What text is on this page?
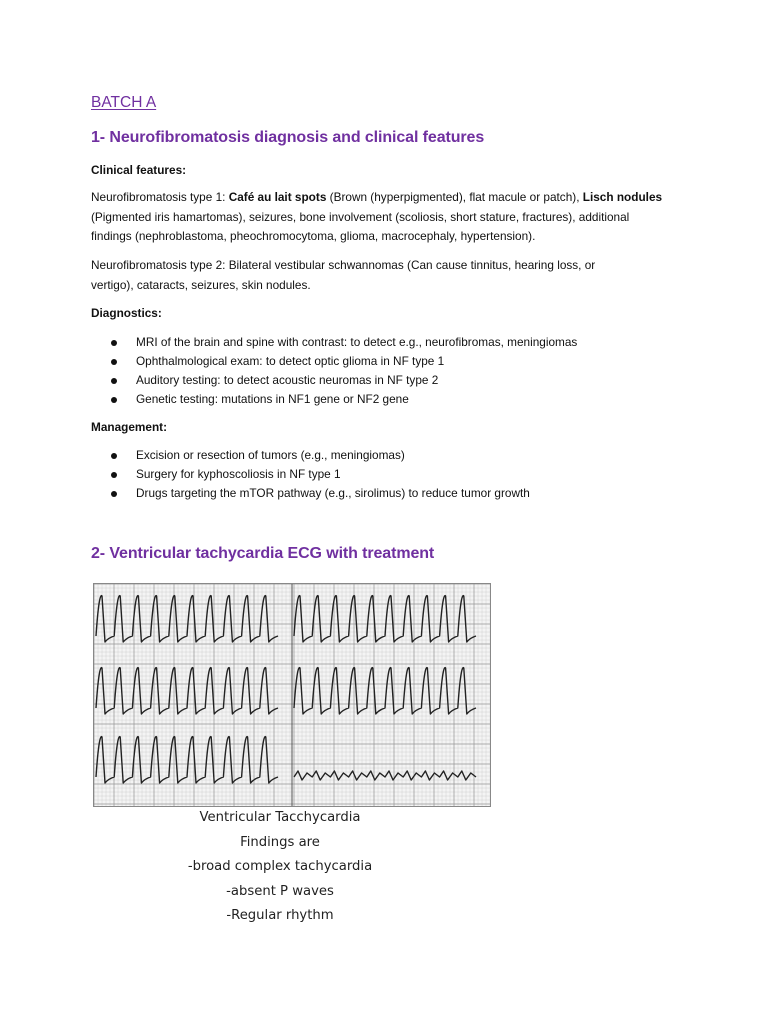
BATCH A
1- Neurofibromatosis diagnosis and clinical features

Clinical features:

Neurofibromatosis type 1: Café au lait spots (Brown (hyperpigmented), flat macule or patch), Lisch nodules (Pigmented iris hamartomas), seizures, bone involvement (scoliosis, short stature, fractures), additional findings (nephroblastoma, pheochromocytoma, glioma, macrocephaly, hypertension).

Neurofibromatosis type 2: Bilateral vestibular schwannomas (Can cause tinnitus, hearing loss, or vertigo), cataracts, seizures, skin nodules.

Diagnostics:

MRI of the brain and spine with contrast: to detect e.g., neurofibromas, meningiomas
Ophthalmological exam: to detect optic glioma in NF type 1
Auditory testing: to detect acoustic neuromas in NF type 2
Genetic testing: mutations in NF1 gene or NF2 gene

Management:

Excision or resection of tumors (e.g., meningiomas)
Surgery for kyphoscoliosis in NF type 1
Drugs targeting the mTOR pathway (e.g., sirolimus) to reduce tumor growth
2- Ventricular tachycardia ECG with treatment
Ventricular Tacchycardia
Findings are
-broad complex tachycardia
-absent P waves
-Regular rhythm
